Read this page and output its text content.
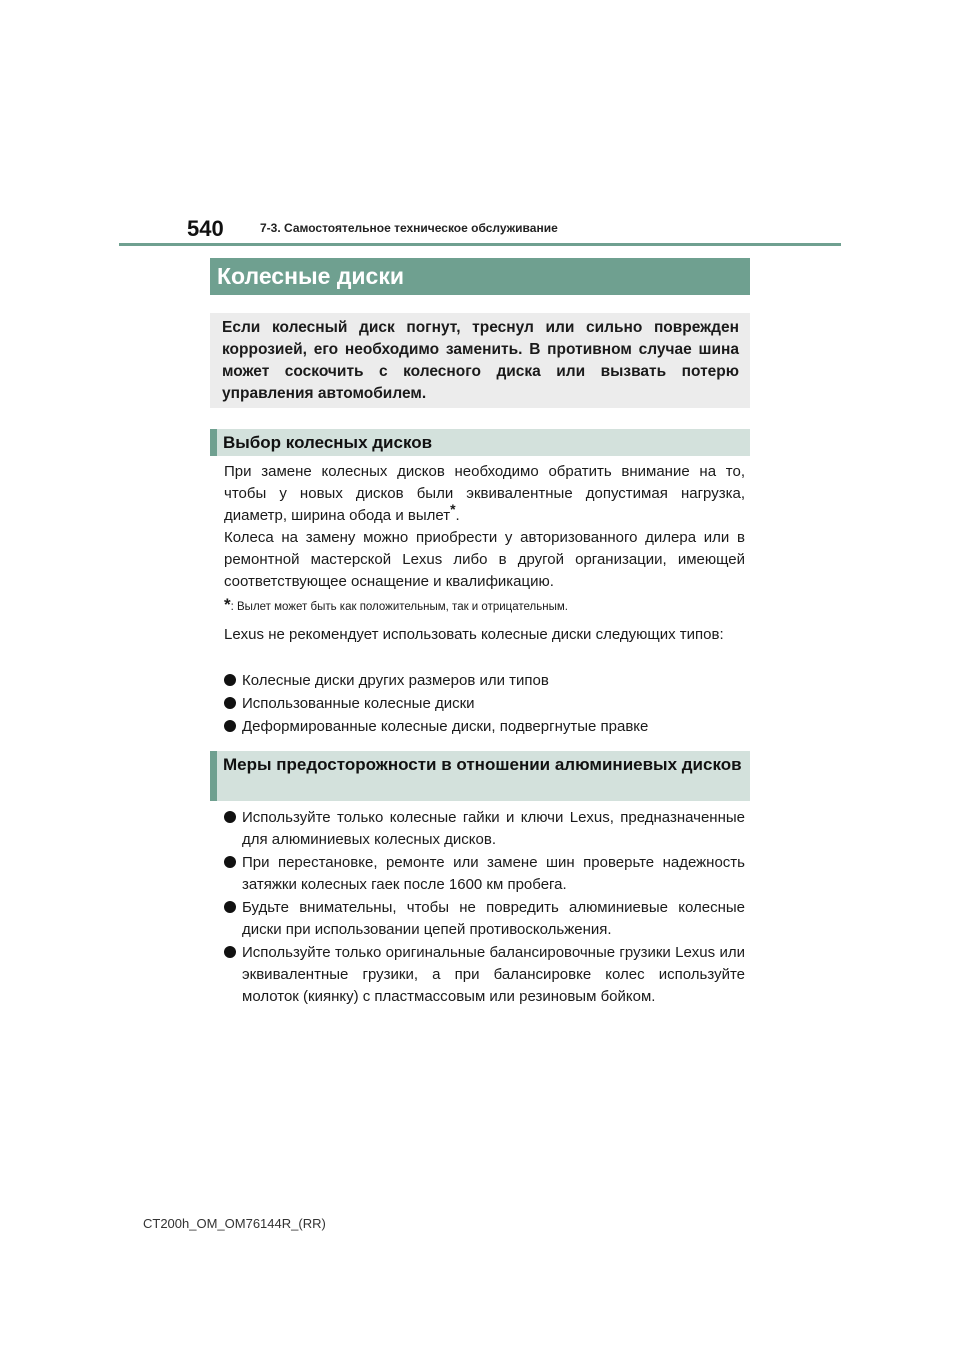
540	7-3. Самостоятельное техническое обслуживание
Колесные диски
Если колесный диск погнут, треснул или сильно поврежден коррозией, его необходимо заменить. В противном случае шина может соскочить с колесного диска или вызвать потерю управления автомобилем.
Выбор колесных дисков

При замене колесных дисков необходимо обратить внимание на то, чтобы у новых дисков были эквивалентные допустимая нагрузка, диаметр, ширина обода и вылет*.

Колеса на замену можно приобрести у авторизованного дилера или в ремонтной мастерской Lexus либо в другой организации, имеющей соответствующее оснащение и квалификацию.

*: Вылет может быть как положительным, так и отрицательным.

Lexus не рекомендует использовать колесные диски следующих типов:

Колесные диски других размеров или типов
Использованные колесные диски
Деформированные колесные диски, подвергнутые правке
Меры предосторожности в отношении алюминиевых дисков
Используйте только колесные гайки и ключи Lexus, предназначенные для алюминиевых колесных дисков.
При перестановке, ремонте или замене шин проверьте надежность затяжки колесных гаек после 1600 км пробега.
Будьте внимательны, чтобы не повредить алюминиевые колесные диски при использовании цепей противоскольжения.
Используйте только оригинальные балансировочные грузики Lexus или эквивалентные грузики, а при балансировке колес используйте молоток (киянку) с пластмассовым или резиновым бойком.
CT200h_OM_OM76144R_(RR)
